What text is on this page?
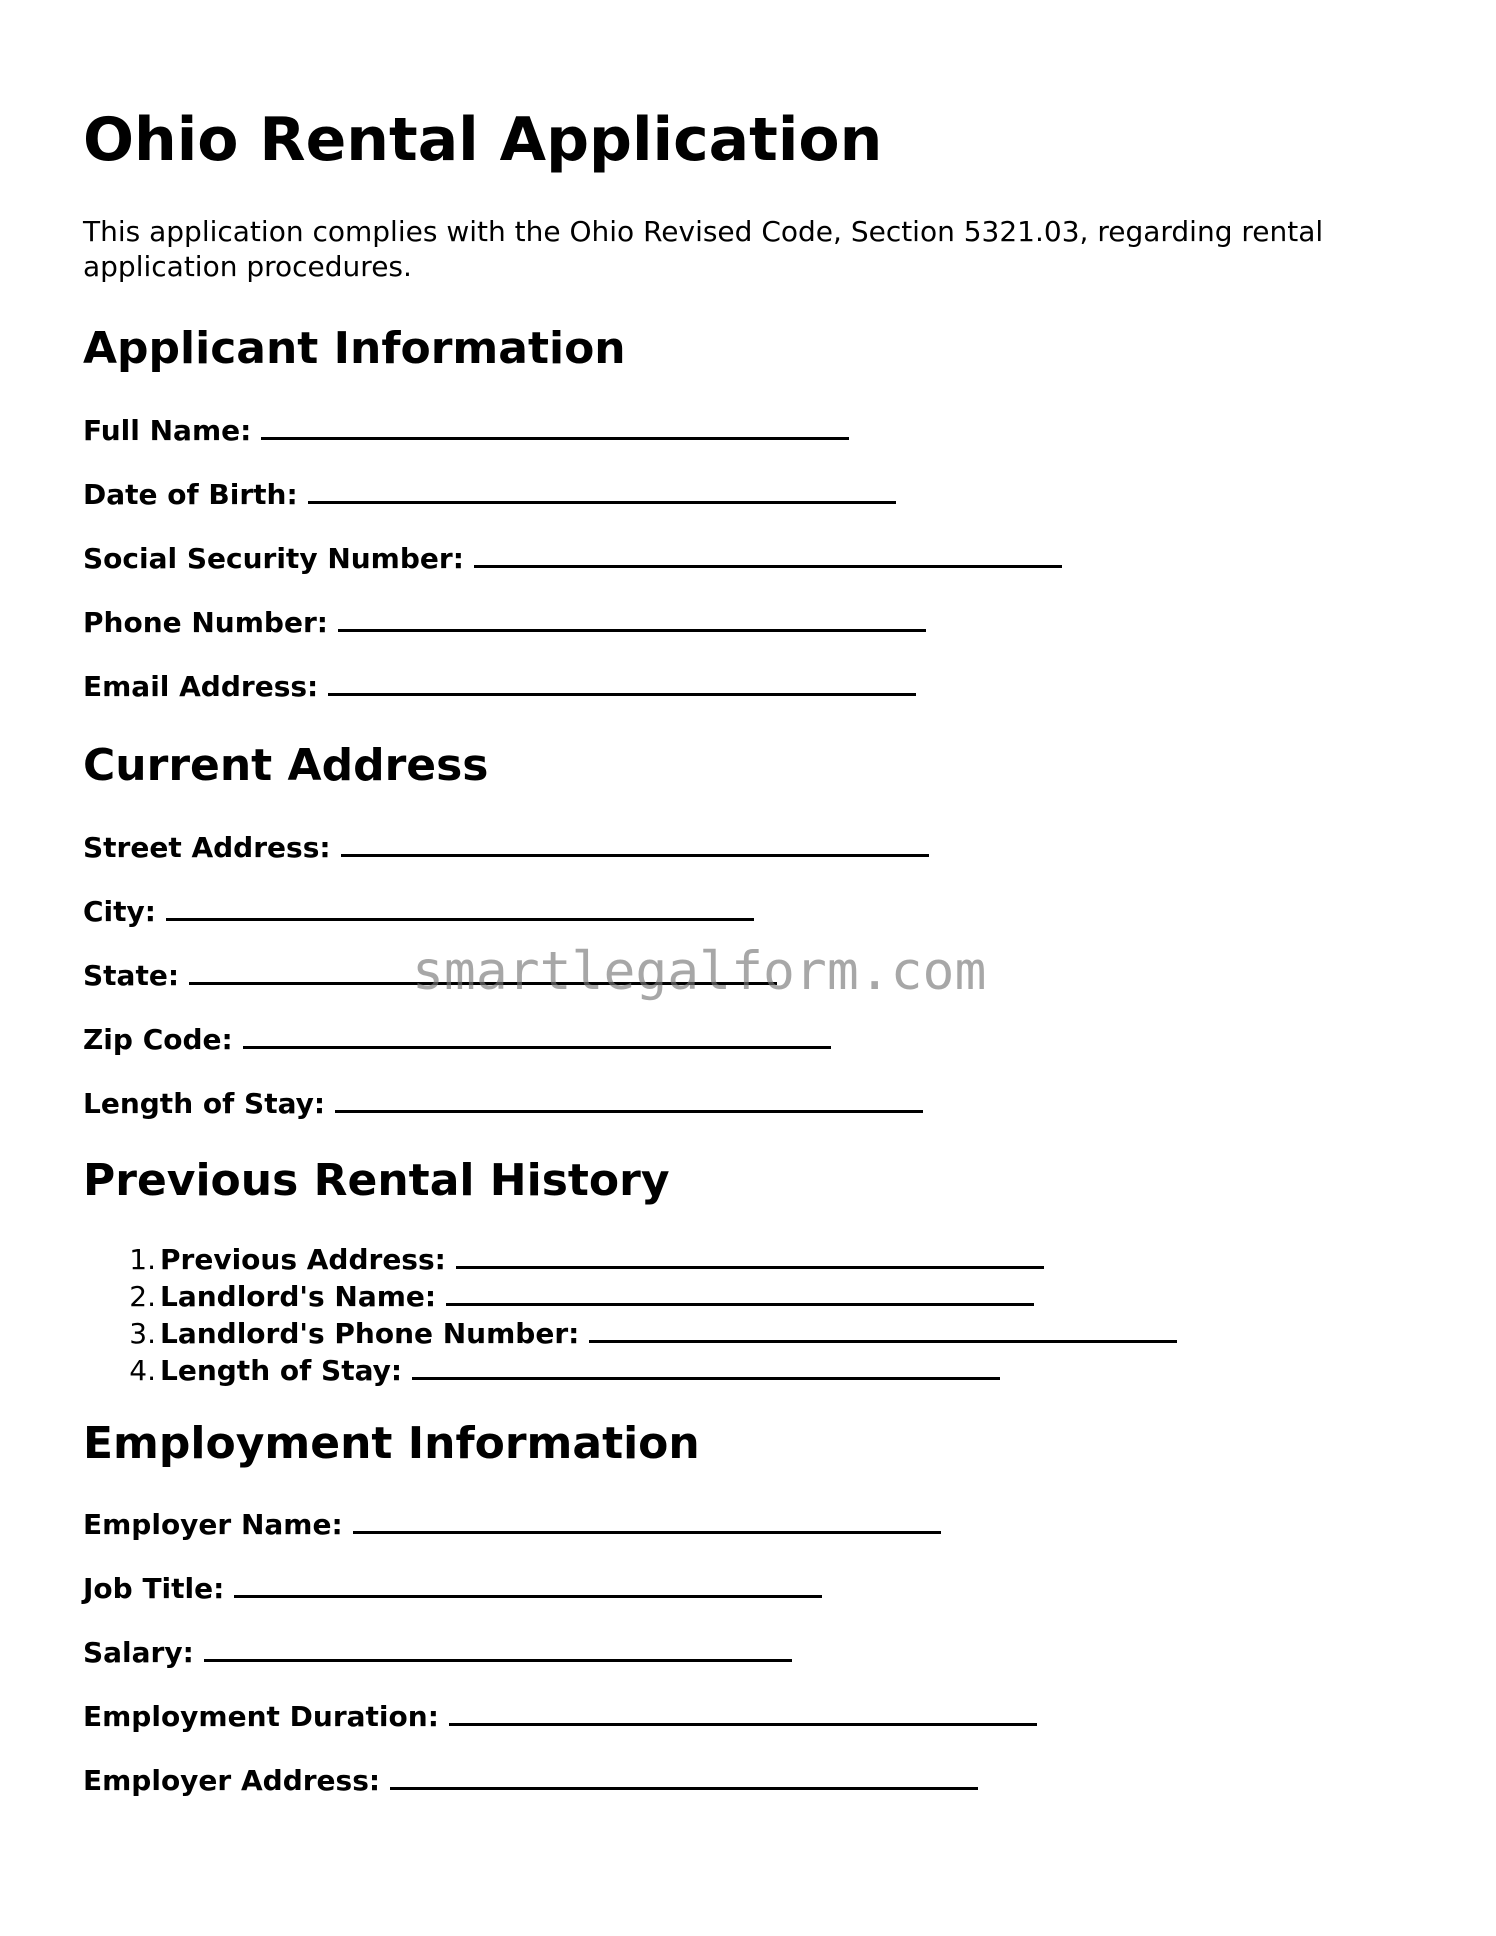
Ohio Rental Application

This application complies with the Ohio Revised Code, Section 5321.03, regarding rental application procedures.

Applicant Information
Full Name:
Date of Birth:
Social Security Number:
Phone Number:
Email Address:
Current Address
Street Address:
City:
State:
Zip Code:
Length of Stay:
Previous Rental History
1. Previous Address:
2. Landlord's Name:
3. Landlord's Phone Number:
4. Length of Stay:
Employment Information
Employer Name:
Job Title:
Salary:
Employment Duration:
Employer Address:
smartlegalform.com
